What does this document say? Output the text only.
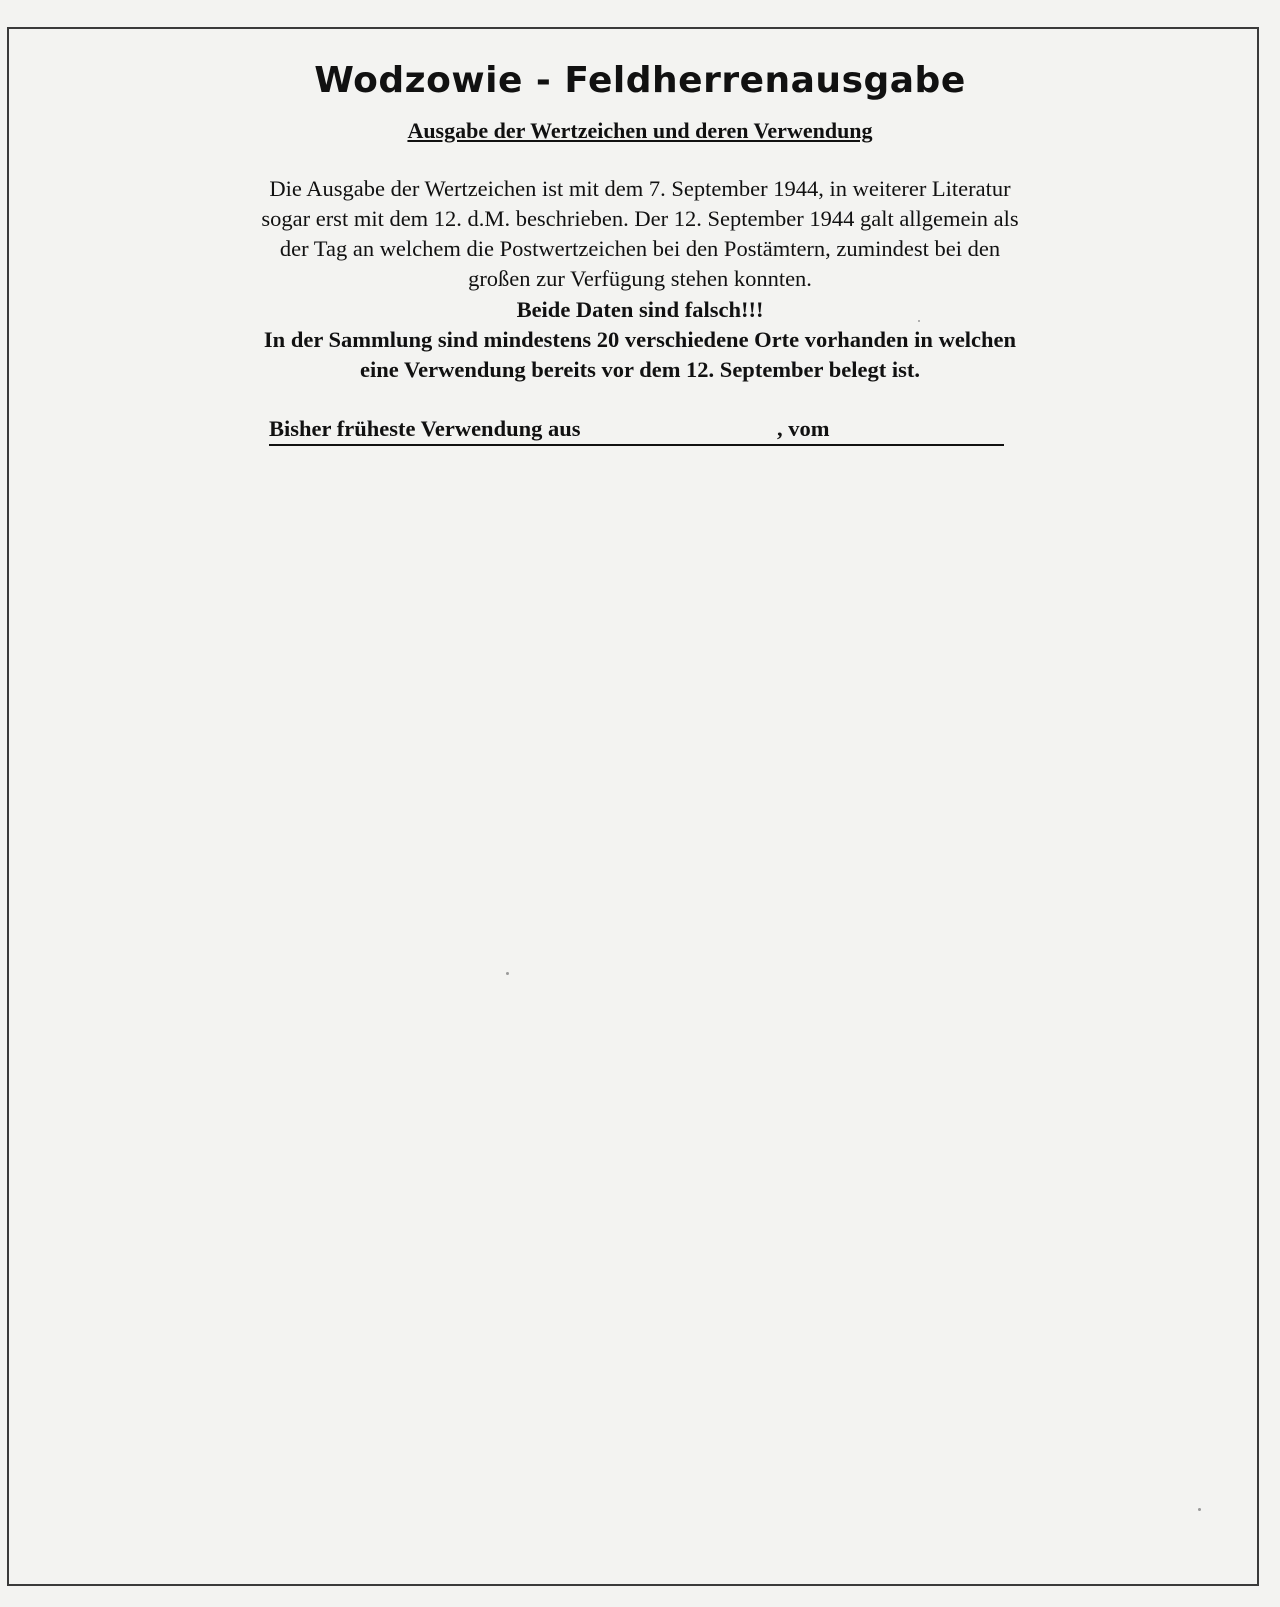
Wodzowie - Feldherrenausgabe
Ausgabe der Wertzeichen und deren Verwendung
Die Ausgabe der Wertzeichen ist mit dem 7. September 1944, in weiterer Literatur
sogar erst mit dem 12. d.M. beschrieben. Der 12. September 1944 galt allgemein als
der Tag an welchem die Postwertzeichen bei den Postämtern, zumindest bei den
großen zur Verfügung stehen konnten.
Beide Daten sind falsch!!!
In der Sammlung sind mindestens 20 verschiedene Orte vorhanden in welchen
eine Verwendung bereits vor dem 12. September belegt ist.
Bisher früheste Verwendung aus	, vom
